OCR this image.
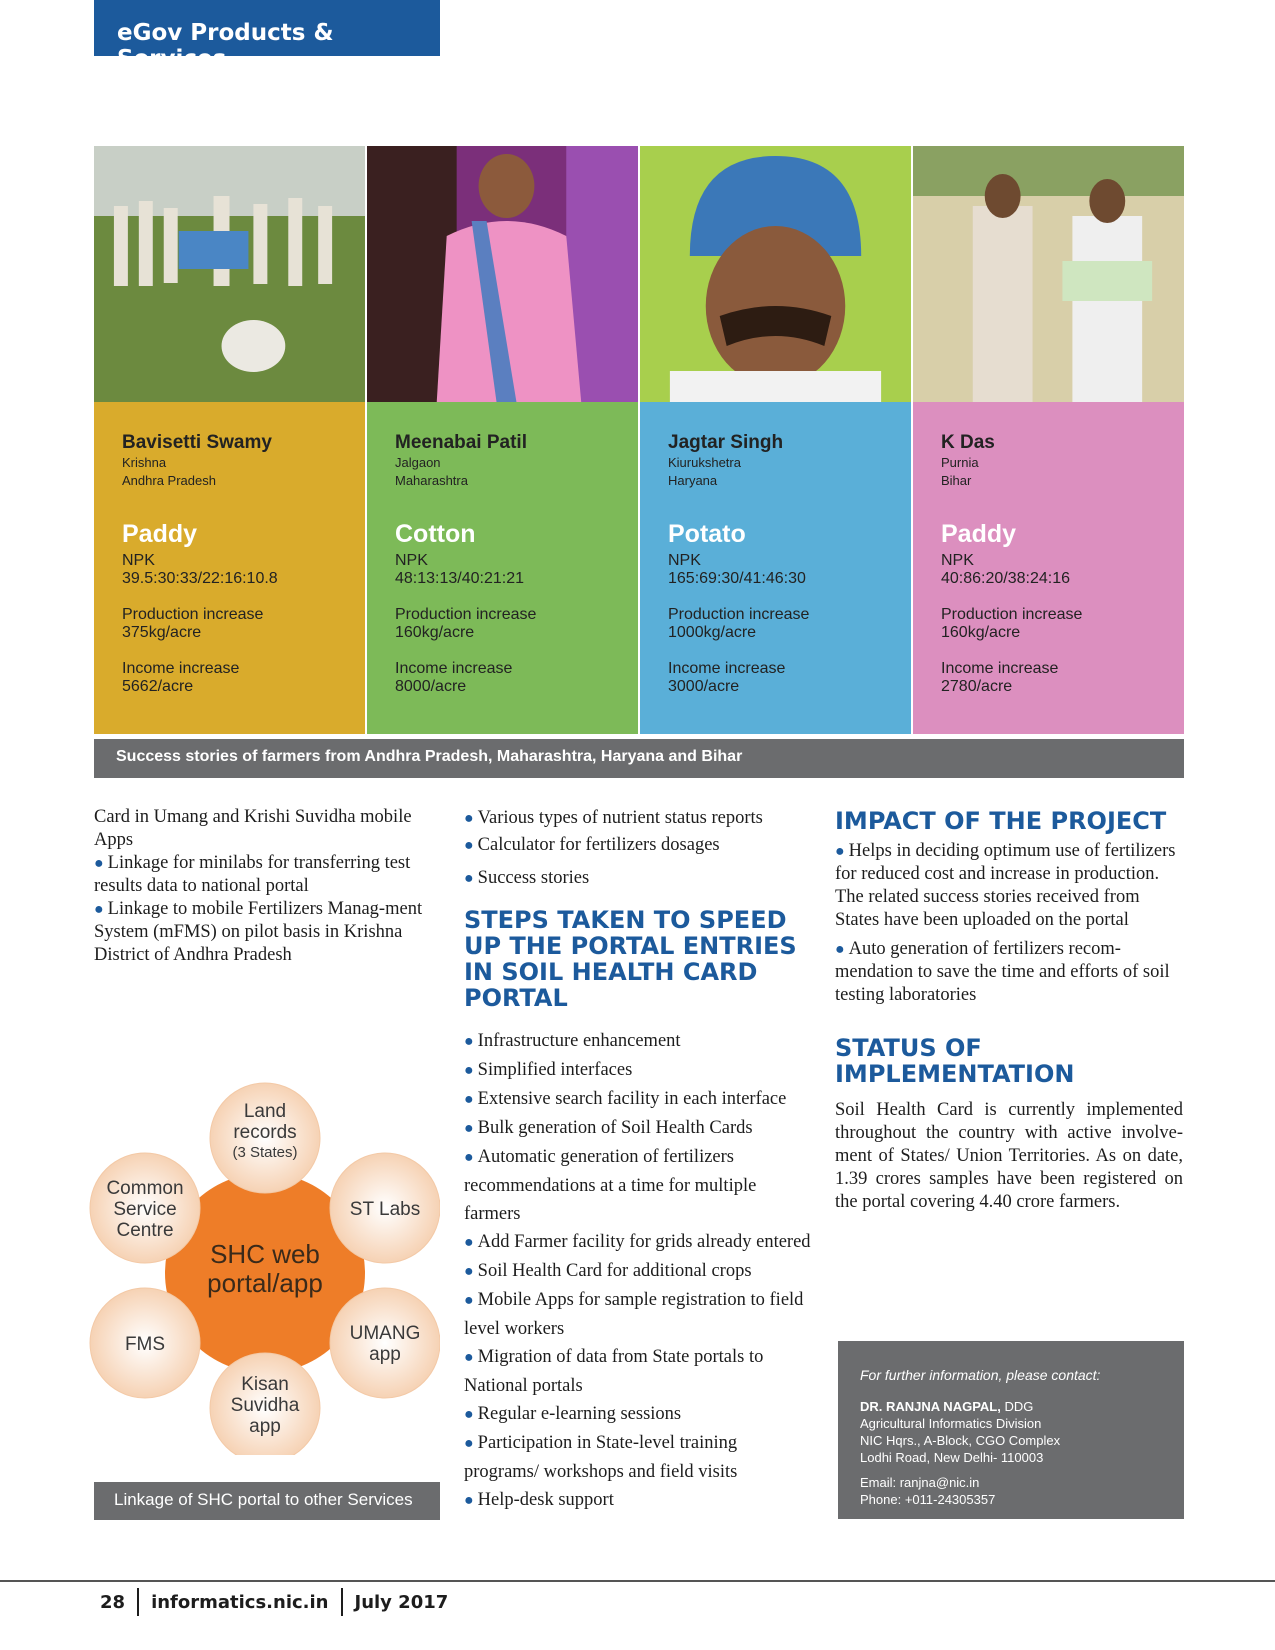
eGov Products & Services

Bavisetti Swamy

Krishna
Andhra Pradesh
Paddy
NPK
39.5:30:33/22:16:10.8
Production increase
375kg/acre
Income increase
5662/acre

Meenabai Patil

Jalgaon
Maharashtra
Cotton
NPK
48:13:13/40:21:21
Production increase
160kg/acre
Income increase
8000/acre

Jagtar Singh

Kiurukshetra
Haryana
Potato
NPK
165:69:30/41:46:30
Production increase
1000kg/acre
Income increase
3000/acre

K Das

Purnia
Bihar
Paddy
NPK
40:86:20/38:24:16
Production increase
160kg/acre
Income increase
2780/acre
Success stories of farmers from Andhra Pradesh, Maharashtra, Haryana and Bihar

Card in Umang and Krishi Suvidha mobile Apps

● Linkage for minilabs for transferring test results data to national portal

● Linkage to mobile Fertilizers Manag-ment System (mFMS) on pilot basis in Krishna District of Andhra Pradesh

SHC web
portal/app
Land
records
(3 States)
ST Labs
UMANG
app
Kisan
Suvidha
app
FMS
Common
Service
Centre
Linkage of SHC portal to other Services

● Various types of nutrient status reports

● Calculator for fertilizers dosages

● Success stories

STEPS TAKEN TO SPEED UP THE PORTAL ENTRIES IN SOIL HEALTH CARD PORTAL

● Infrastructure enhancement

● Simplified interfaces

● Extensive search facility in each interface

● Bulk generation of Soil Health Cards

● Automatic generation of fertilizers recommendations at a time for multiple farmers

● Add Farmer facility for grids already entered

● Soil Health Card for additional crops

● Mobile Apps for sample registration to field level workers

● Migration of data from State portals to National portals

● Regular e-learning sessions

● Participation in State-level training programs/ workshops and field visits

● Help-desk support

IMPACT OF THE PROJECT

● Helps in deciding optimum use of fertilizers for reduced cost and increase in production. The related success stories received from States have been uploaded on the portal

● Auto generation of fertilizers recom-mendation to save the time and efforts of soil testing laboratories

STATUS OF IMPLEMENTATION

Soil Health Card is currently implemented throughout the country with active involve-ment of States/ Union Territories. As on date, 1.39 crores samples have been registered on the portal covering 4.40 crore farmers.

For further information, please contact:
DR. RANJNA NAGPAL, DDG
Agricultural Informatics Division
NIC Hqrs., A-Block, CGO Complex
Lodhi Road, New Delhi- 110003
Email: ranjna@nic.in
Phone: +011-24305357
28 informatics.nic.in July 2017
